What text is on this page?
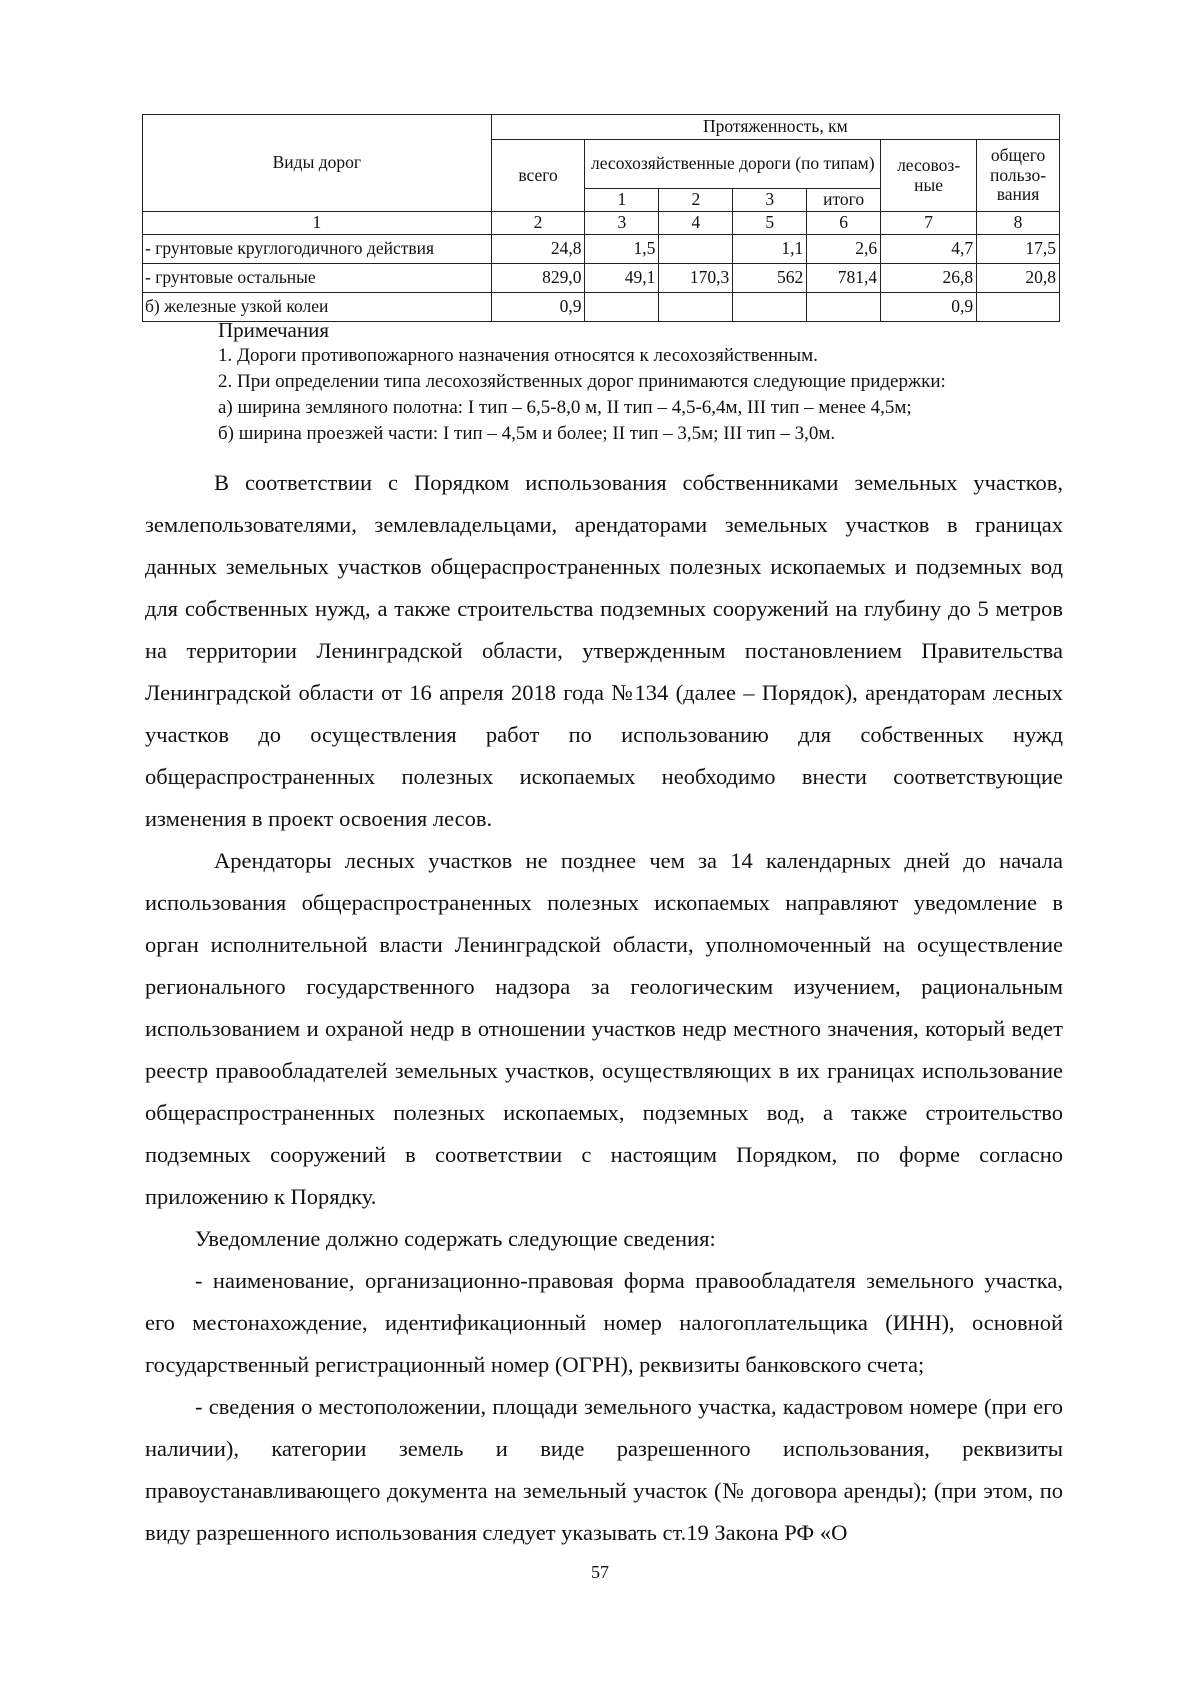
Виды дорог	Протяженность, км						
	всего	лесохозяйственные дороги (по типам)				лесовоз-ные	общего пользо-вания
		1	2	3	итого		
1	2	3	4	5	6	7	8
- грунтовые круглогодичного действия	24,8	1,5		1,1	2,6	4,7	17,5
- грунтовые остальные	829,0	49,1	170,3	562	781,4	26,8	20,8
б) железные узкой колеи	0,9					0,9	
Примечания
1. Дороги противопожарного назначения относятся к лесохозяйственным.
2. При определении типа лесохозяйственных дорог принимаются следующие придержки:
а) ширина земляного полотна: I тип – 6,5-8,0 м, II тип – 4,5-6,4м, III тип – менее 4,5м;
б) ширина проезжей части: I тип – 4,5м и более; II тип – 3,5м; III тип – 3,0м.

В соответствии с Порядком использования собственниками земельных участков, землепользователями, землевладельцами, арендаторами земельных участков в границах данных земельных участков общераспространенных полезных ископаемых и подземных вод для собственных нужд, а также строительства подземных сооружений на глубину до 5 метров на территории Ленинградской области, утвержденным постановлением Правительства Ленинградской области от 16 апреля 2018 года №134 (далее – Порядок), арендаторам лесных участков до осуществления работ по использованию для собственных нужд общераспространенных полезных ископаемых необходимо внести соответствующие изменения в проект освоения лесов.

Арендаторы лесных участков не позднее чем за 14 календарных дней до начала использования общераспространенных полезных ископаемых направляют уведомление в орган исполнительной власти Ленинградской области, уполномоченный на осуществление регионального государственного надзора за геологическим изучением, рациональным использованием и охраной недр в отношении участков недр местного значения, который ведет реестр правообладателей земельных участков, осуществляющих в их границах использование общераспространенных полезных ископаемых, подземных вод, а также строительство подземных сооружений в соответствии с настоящим Порядком, по форме согласно приложению к Порядку.

Уведомление должно содержать следующие сведения:

- наименование, организационно-правовая форма правообладателя земельного участка, его местонахождение, идентификационный номер налогоплательщика (ИНН), основной государственный регистрационный номер (ОГРН), реквизиты банковского счета;

- сведения о местоположении, площади земельного участка, кадастровом номере (при его наличии), категории земель и виде разрешенного использования, реквизиты правоустанавливающего документа на земельный участок (№ договора аренды); (при этом, по виду разрешенного использования следует указывать ст.19 Закона РФ «О

57
